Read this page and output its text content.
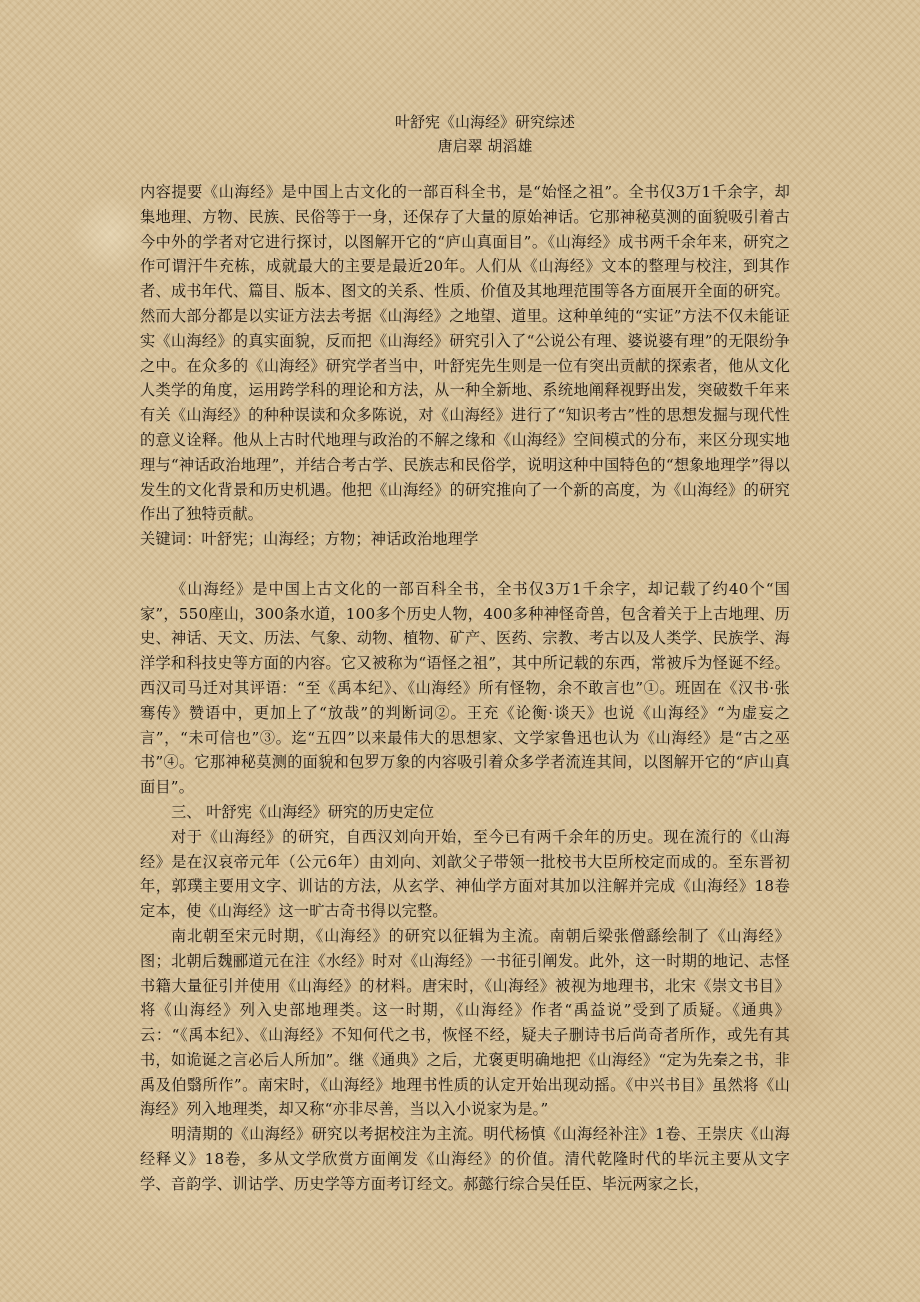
叶舒宪《山海经》研究综述
唐启翠 胡滔雄

内容提要《山海经》是中国上古文化的一部百科全书，是“始怪之祖”。全书仅3万1千余字，却集地理、方物、民族、民俗等于一身，还保存了大量的原始神话。它那神秘莫测的面貌吸引着古今中外的学者对它进行探讨，以图解开它的“庐山真面目”。《山海经》成书两千余年来，研究之作可谓汗牛充栋，成就最大的主要是最近20年。人们从《山海经》文本的整理与校注，到其作者、成书年代、篇目、版本、图文的关系、性质、价值及其地理范围等各方面展开全面的研究。然而大部分都是以实证方法去考据《山海经》之地望、道里。这种单纯的“实证”方法不仅未能证实《山海经》的真实面貌，反而把《山海经》研究引入了“公说公有理、婆说婆有理”的无限纷争之中。在众多的《山海经》研究学者当中，叶舒宪先生则是一位有突出贡献的探索者，他从文化人类学的角度，运用跨学科的理论和方法，从一种全新地、系统地阐释视野出发，突破数千年来有关《山海经》的种种误读和众多陈说，对《山海经》进行了“知识考古”性的思想发掘与现代性的意义诠释。他从上古时代地理与政治的不解之缘和《山海经》空间模式的分布，来区分现实地理与“神话政治地理”，并结合考古学、民族志和民俗学，说明这种中国特色的“想象地理学”得以发生的文化背景和历史机遇。他把《山海经》的研究推向了一个新的高度，为《山海经》的研究作出了独特贡献。

关键词：叶舒宪；山海经；方物；神话政治地理学

《山海经》是中国上古文化的一部百科全书，全书仅3万1千余字，却记载了约40个“国家”，550座山，300条水道，100多个历史人物，400多种神怪奇兽，包含着关于上古地理、历史、神话、天文、历法、气象、动物、植物、矿产、医药、宗教、考古以及人类学、民族学、海洋学和科技史等方面的内容。它又被称为“语怪之祖”，其中所记载的东西，常被斥为怪诞不经。西汉司马迁对其评语：“至《禹本纪》、《山海经》所有怪物，余不敢言也”①。班固在《汉书·张骞传》赞语中，更加上了“放哉”的判断词②。王充《论衡·谈天》也说《山海经》“为虚妄之言”，“未可信也”③。迄“五四”以来最伟大的思想家、文学家鲁迅也认为《山海经》是“古之巫书”④。它那神秘莫测的面貌和包罗万象的内容吸引着众多学者流连其间，以图解开它的“庐山真面目”。

三、 叶舒宪《山海经》研究的历史定位

对于《山海经》的研究，自西汉刘向开始，至今已有两千余年的历史。现在流行的《山海经》是在汉哀帝元年（公元6年）由刘向、刘歆父子带领一批校书大臣所校定而成的。至东晋初年，郭璞主要用文字、训诂的方法，从玄学、神仙学方面对其加以注解并完成《山海经》18卷定本，使《山海经》这一旷古奇书得以完整。

南北朝至宋元时期，《山海经》的研究以征辑为主流。南朝后梁张僧繇绘制了《山海经》图；北朝后魏郦道元在注《水经》时对《山海经》一书征引阐发。此外，这一时期的地记、志怪书籍大量征引并使用《山海经》的材料。唐宋时，《山海经》被视为地理书，北宋《崇文书目》将《山海经》列入史部地理类。这一时期，《山海经》作者“禹益说”受到了质疑。《通典》云：“《禹本纪》、《山海经》不知何代之书，恢怪不经，疑夫子删诗书后尚奇者所作，或先有其书，如诡诞之言必后人所加”。继《通典》之后，尤褒更明确地把《山海经》“定为先秦之书，非禹及伯翳所作”。南宋时，《山海经》地理书性质的认定开始出现动摇。《中兴书目》虽然将《山海经》列入地理类，却又称“亦非尽善，当以入小说家为是。”

明清期的《山海经》研究以考据校注为主流。明代杨慎《山海经补注》1卷、王崇庆《山海经释义》18卷，多从文学欣赏方面阐发《山海经》的价值。清代乾隆时代的毕沅主要从文字学、音韵学、训诂学、历史学等方面考订经文。郝懿行综合吴任臣、毕沅两家之长，
